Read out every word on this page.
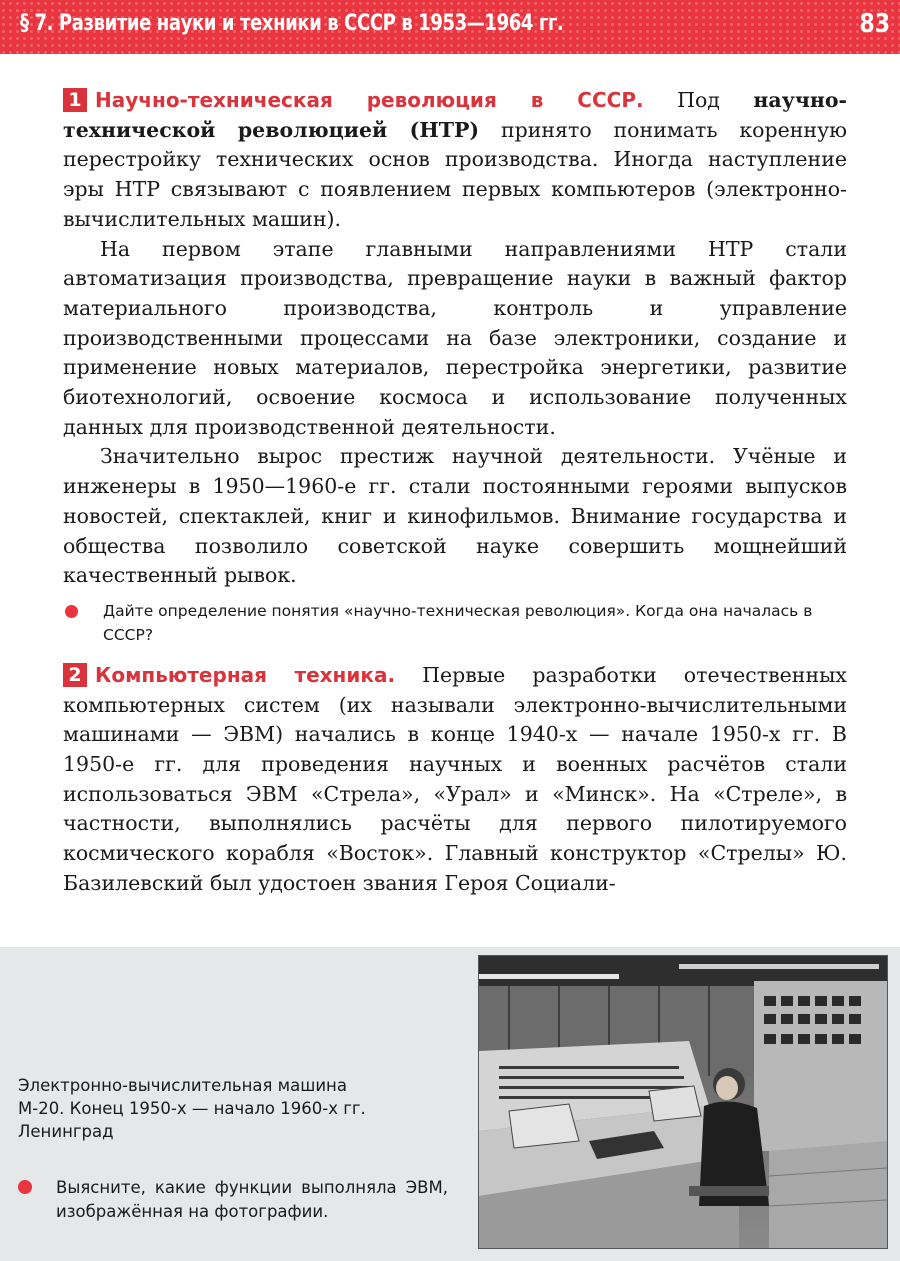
§ 7. Развитие науки и техники в СССР в 1953—1964 гг.	83

1 Научно-техническая революция в СССР. Под научно-технической революцией (НТР) принято понимать коренную перестройку технических основ производства. Иногда наступление эры НТР связывают с появлением первых компьютеров (электронно-вычислительных машин).

На первом этапе главными направлениями НТР стали автоматизация производства, превращение науки в важный фактор материального производства, контроль и управление производственными процессами на базе электроники, создание и применение новых материалов, перестройка энергетики, развитие биотехнологий, освоение космоса и использование полученных данных для производственной деятельности.

Значительно вырос престиж научной деятельности. Учёные и инженеры в 1950—1960-е гг. стали постоянными героями выпусков новостей, спектаклей, книг и кинофильмов. Внимание государства и общества позволило советской науке совершить мощнейший качественный рывок.

Дайте определение понятия «научно-техническая революция». Когда она началась в СССР?

2 Компьютерная техника. Первые разработки отечественных компьютерных систем (их называли электронно-вычислительными машинами — ЭВМ) начались в конце 1940-х — начале 1950-х гг. В 1950-е гг. для проведения научных и военных расчётов стали использоваться ЭВМ «Стрела», «Урал» и «Минск». На «Стреле», в частности, выполнялись расчёты для первого пилотируемого космического корабля «Восток». Главный конструктор «Стрелы» Ю. Базилевский был удостоен звания Героя Социали-

Электронно-вычислительная машина
М-20. Конец 1950-х — начало 1960-х гг.
Ленинград
Выясните, какие функции выполняла ЭВМ, изображённая на фотографии.
